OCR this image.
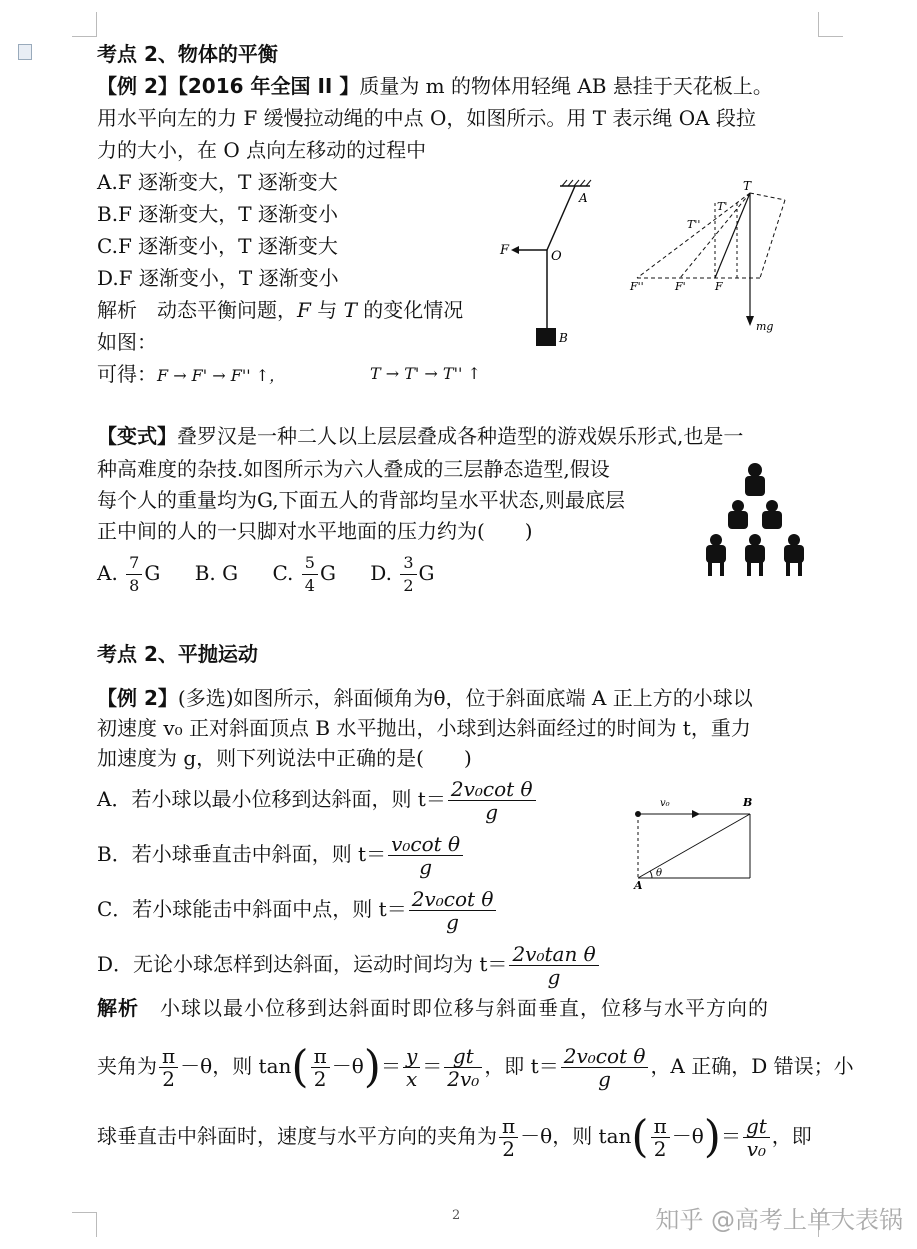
考点 2、物体的平衡
【例 2】【2016 年全国 II 】质量为 m 的物体用轻绳 AB 悬挂于天花板上。
用水平向左的力 F 缓慢拉动绳的中点 O，如图所示。用 T 表示绳 OA 段拉
力的大小，在 O 点向左移动的过程中
A.F 逐渐变大，T 逐渐变大
B.F 逐渐变大，T 逐渐变小
C.F 逐渐变小，T 逐渐变大
D.F 逐渐变小，T 逐渐变小
解析　动态平衡问题，F 与 T 的变化情况
如图：
可得：F → F' → F'' ↑，	T → T' → T'' ↑
A
O
F
B
T
T'
T''
F
F'
F''
mg
【变式】叠罗汉是一种二人以上层层叠成各种造型的游戏娱乐形式,也是一
种高难度的杂技.如图所示为六人叠成的三层静态造型,假设
每个人的重量均为G,下面五人的背部均呈水平状态,则最底层
正中间的人的一只脚对水平地面的压力约为(　　)
A. $\frac{7}{8}$ G B. G C. $\frac{5}{4}$ G D. $\frac{3}{2}$ G
考点 2、平抛运动
【例 2】(多选)如图所示，斜面倾角为θ，位于斜面底端 A 正上方的小球以
初速度 v₀ 正对斜面顶点 B 水平抛出，小球到达斜面经过的时间为 t，重力
加速度为 g，则下列说法中正确的是(　　)
A．若小球以最小位移到达斜面，则 $t= \frac{\text{2v₀cot θ}}{g}$
B．若小球垂直击中斜面，则 $t= \frac{\text{v₀cot θ}}{g}$
C．若小球能击中斜面中点，则 $t= \frac{\text{2v₀cot θ}}{g}$
D．无论小球怎样到达斜面，运动时间均为 $t= \frac{\text{2v₀tan θ}}{g}$
v₀	B
A
θ
解析　小球以最小位移到达斜面时即位移与斜面垂直，位移与水平方向的
夹角为 $\frac{\pi}{2} -\theta$，则 $\tan( \frac{\pi}{2} -\theta)= \frac{y}{x} = \frac{gt}{\text{2v₀}}$ ，即 $t= \frac{\text{2v₀cot θ}}{g}$ ，A 正确，D 错误；小
球垂直击中斜面时，速度与水平方向的夹角为 $\frac{\pi}{2} -\theta$，则 $\tan( \frac{\pi}{2} -\theta)= \frac{gt}{\text{v₀}}$ ，即
2	知乎 @高考上单大表锅
